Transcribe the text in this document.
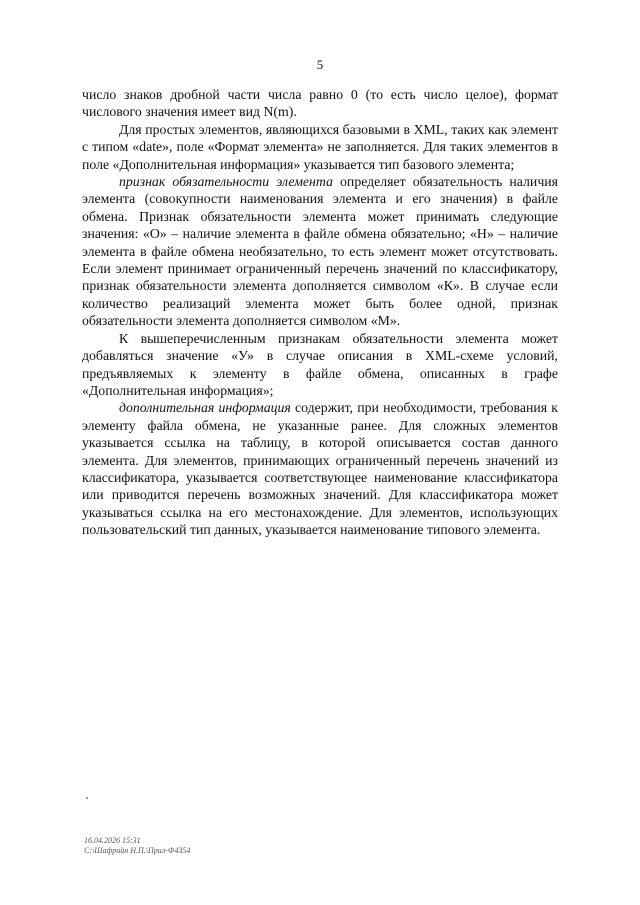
5

число знаков дробной части числа равно 0 (то есть число целое), формат числового значения имеет вид N(m).

Для простых элементов, являющихся базовыми в XML, таких как элемент с типом «date», поле «Формат элемента» не заполняется. Для таких элементов в поле «Дополнительная информация» указывается тип базового элемента;

признак обязательности элемента определяет обязательность наличия элемента (совокупности наименования элемента и его значения) в файле обмена. Признак обязательности элемента может принимать следующие значения: «О» – наличие элемента в файле обмена обязательно; «Н» – наличие элемента в файле обмена необязательно, то есть элемент может отсутствовать. Если элемент принимает ограниченный перечень значений по классификатору, признак обязательности элемента дополняется символом «К». В случае если количество реализаций элемента может быть более одной, признак обязательности элемента дополняется символом «М».

К вышеперечисленным признакам обязательности элемента может добавляться значение «У» в случае описания в XML-схеме условий, предъявляемых к элементу в файле обмена, описанных в графе «Дополнительная информация»;

дополнительная информация содержит, при необходимости, требования к элементу файла обмена, не указанные ранее. Для сложных элементов указывается ссылка на таблицу, в которой описывается состав данного элемента. Для элементов, принимающих ограниченный перечень значений из классификатора, указывается соответствующее наименование классификатора или приводится перечень возможных значений. Для классификатора может указываться ссылка на его местонахождение. Для элементов, использующих пользовательский тип данных, указывается наименование типового элемента.

16.04.2026 15:31
C:\Шафрийн Н.П.\Прил-Ф4354
